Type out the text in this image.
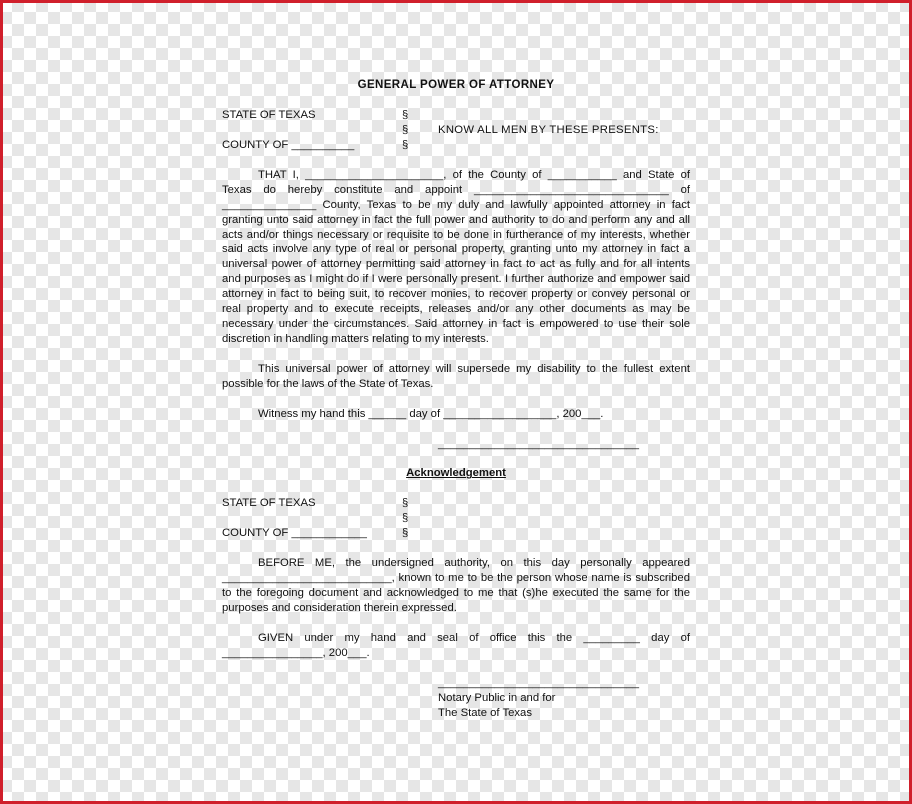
GENERAL POWER OF ATTORNEY

STATE OF TEXAS
COUNTY OF __________
§
§
§
KNOW ALL MEN BY THESE PRESENTS:

THAT I, ______________________, of the County of ___________ and State of Texas do hereby constitute and appoint _______________________________ of _______________ County, Texas to be my duly and lawfully appointed attorney in fact granting unto said attorney in fact the full power and authority to do and perform any and all acts and/or things necessary or requisite to be done in furtherance of my interests, whether said acts involve any type of real or personal property, granting unto my attorney in fact a universal power of attorney permitting said attorney in fact to act as fully and for all intents and purposes as I might do if I were personally present. I further authorize and empower said attorney in fact to being suit, to recover monies, to recover property or convey personal or real property and to execute receipts, releases and/or any other documents as may be necessary under the circumstances. Said attorney in fact is empowered to use their sole discretion in handling matters relating to my interests.

This universal power of attorney will supersede my disability to the fullest extent possible for the laws of the State of Texas.

Witness my hand this ______ day of __________________, 200___.

________________________________

Acknowledgement

STATE OF TEXAS
COUNTY OF ____________
§
§
§

BEFORE ME, the undersigned authority, on this day personally appeared ___________________________, known to me to be the person whose name is subscribed to the foregoing document and acknowledged to me that (s)he executed the same for the purposes and consideration therein expressed.

GIVEN under my hand and seal of office this the _________ day of ________________, 200___.

________________________________
Notary Public in and for
The State of Texas
